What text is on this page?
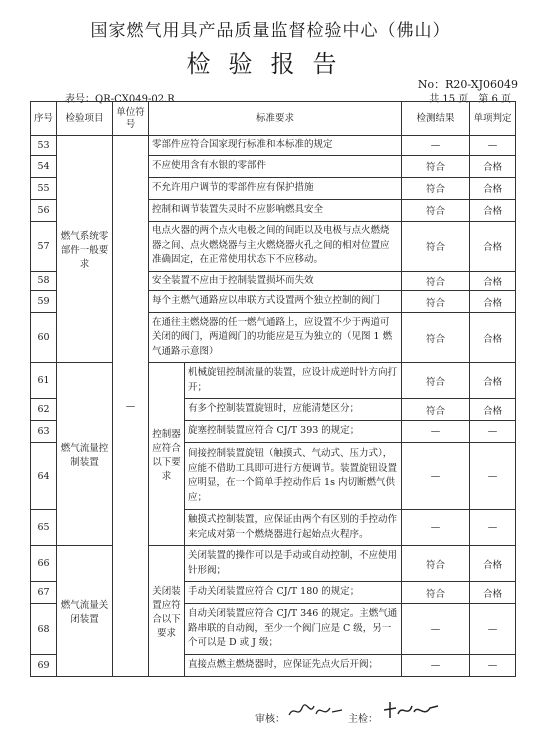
国家燃气用具产品质量监督检验中心（佛山）
检验报告
No：R20-XJ06049
表号：QR-CX049-02.R	共 15 页　第 6 页
序号	检验项目	单位符号	标准要求		检测结果	单项判定
53	燃气系统零部件一般要求	—	零部件应符合国家现行标准和本标准的规定		—	—
54			不应使用含有水银的零部件		符合	合格
55			不允许用户调节的零部件应有保护措施		符合	合格
56			控制和调节装置失灵时不应影响燃具安全		符合	合格
57			电点火器的两个点火电极之间的间距以及电极与点火燃烧器之间、点火燃烧器与主火燃烧器火孔之间的相对位置应准确固定，在正常使用状态下不应移动。		符合	合格
58			安全装置不应由于控制装置损坏而失效		符合	合格
59			每个主燃气通路应以串联方式设置两个独立控制的阀门		符合	合格
60			在通往主燃烧器的任一燃气通路上，应设置不少于两道可关闭的阀门，两道阀门的功能应是互为独立的（见图 1 燃气通路示意图）		符合	合格
61	燃气流量控制装置		控制器应符合以下要求	机械旋钮控制流量的装置，应设计成逆时针方向打开；	符合	合格
62				有多个控制装置旋钮时，应能清楚区分；	符合	合格
63				旋塞控制装置应符合 CJ/T 393 的规定；	—	—
64				间接控制装置旋钮（触摸式、气动式、压力式），应能不借助工具即可进行方便调节。装置旋钮设置应明显，在一个简单手控动作后 1s 内切断燃气供应；	—	—
65				触摸式控制装置，应保证由两个有区别的手控动作来完成对第一个燃烧器进行起始点火程序。	—	—
66	燃气流量关闭装置		关闭装置应符合以下要求	关闭装置的操作可以是手动或自动控制，不应使用针形阀；	符合	合格
67				手动关闭装置应符合 CJ/T 180 的规定；	符合	合格
68				自动关闭装置应符合 CJ/T 346 的规定。主燃气通路串联的自动阀，至少一个阀门应是 C 级，另一个可以是 D 或 J 级；	—	—
69				直接点燃主燃烧器时，应保证先点火后开阀；	—	—
审核：	主检：
